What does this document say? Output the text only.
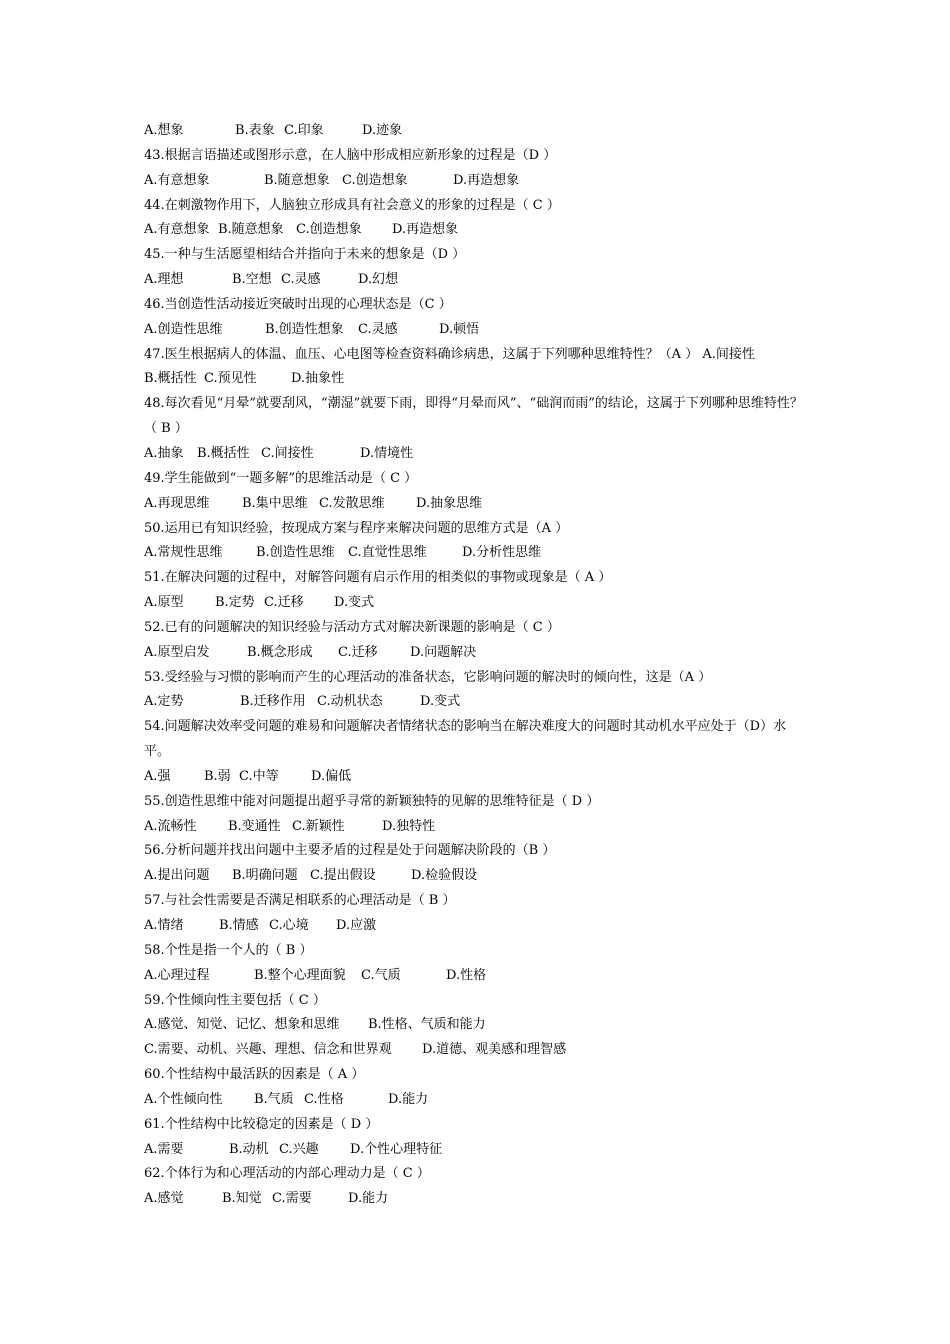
A.想象	B.表象 C.印象	D.迹象
43.根据言语描述或图形示意，在人脑中形成相应新形象的过程是（D ）
A.有意想象	B.随意想象 C.创造想象	D.再造想象
44.在刺激物作用下，人脑独立形成具有社会意义的形象的过程是（ C ）
A.有意想象 B.随意想象 C.创造想象 D.再造想象
45.一种与生活愿望相结合并指向于未来的想象是（D ）
A.理想	B.空想 C.灵感	D.幻想
46.当创造性活动接近突破时出现的心理状态是（C ）
A.创造性思维	B.创造性想象 C.灵感	D.顿悟
47.医生根据病人的体温、血压、心电图等检查资料确诊病患，这属于下列哪种思维特性？（A ） A.间接性
B.概括性 C.预见性	D.抽象性
48.每次看见“月晕”就要刮风，“潮湿”就要下雨，即得“月晕而风”、“础润而雨”的结论，这属于下列哪种思维特性？（ B ）
A.抽象 B.概括性 C.间接性	D.情境性
49.学生能做到“一题多解”的思维活动是（ C ）
A.再现思维 B.集中思维 C.发散思维 D.抽象思维
50.运用已有知识经验，按现成方案与程序来解决问题的思维方式是（A ）
A.常规性思维	B.创造性思维 C.直觉性思维	D.分析性思维
51.在解决问题的过程中，对解答问题有启示作用的相类似的事物或现象是（ A ）
A.原型 B.定势 C.迁移 D.变式
52.已有的问题解决的知识经验与活动方式对解决新课题的影响是（ C ）
A.原型启发	B.概念形成 C.迁移 D.问题解决
53.受经验与习惯的影响而产生的心理活动的准备状态，它影响问题的解决时的倾向性，这是（A ）
A.定势	B.迁移作用 C.动机状态	D.变式
54.问题解决效率受问题的难易和问题解决者情绪状态的影响当在解决难度大的问题时其动机水平应处于（D）水平。
A.强	B.弱 C.中等 D.偏低
55.创造性思维中能对问题提出超乎寻常的新颖独特的见解的思维特征是（ D ）
A.流畅性 B.变通性 C.新颖性	D.独特性
56.分析问题并找出问题中主要矛盾的过程是处于问题解决阶段的（B ）
A.提出问题 B.明确问题 C.提出假设	D.检验假设
57.与社会性需要是否满足相联系的心理活动是（ B ）
A.情绪	B.情感 C.心境 D.应激
58.个性是指一个人的（ B ）
A.心理过程	B.整个心理面貌 C.气质	D.性格
59.个性倾向性主要包括（ C ）
A.感觉、知觉、记忆、想象和思维 B.性格、气质和能力
C.需要、动机、兴趣、理想、信念和世界观 D.道德、观美感和理智感
60.个性结构中最活跃的因素是（ A ）
A.个性倾向性 B.气质 C.性格	D.能力
61.个性结构中比较稳定的因素是（ D ）
A.需要	B.动机 C.兴趣 D.个性心理特征
62.个体行为和心理活动的内部心理动力是（ C ）
A.感觉	B.知觉 C.需要	D.能力
